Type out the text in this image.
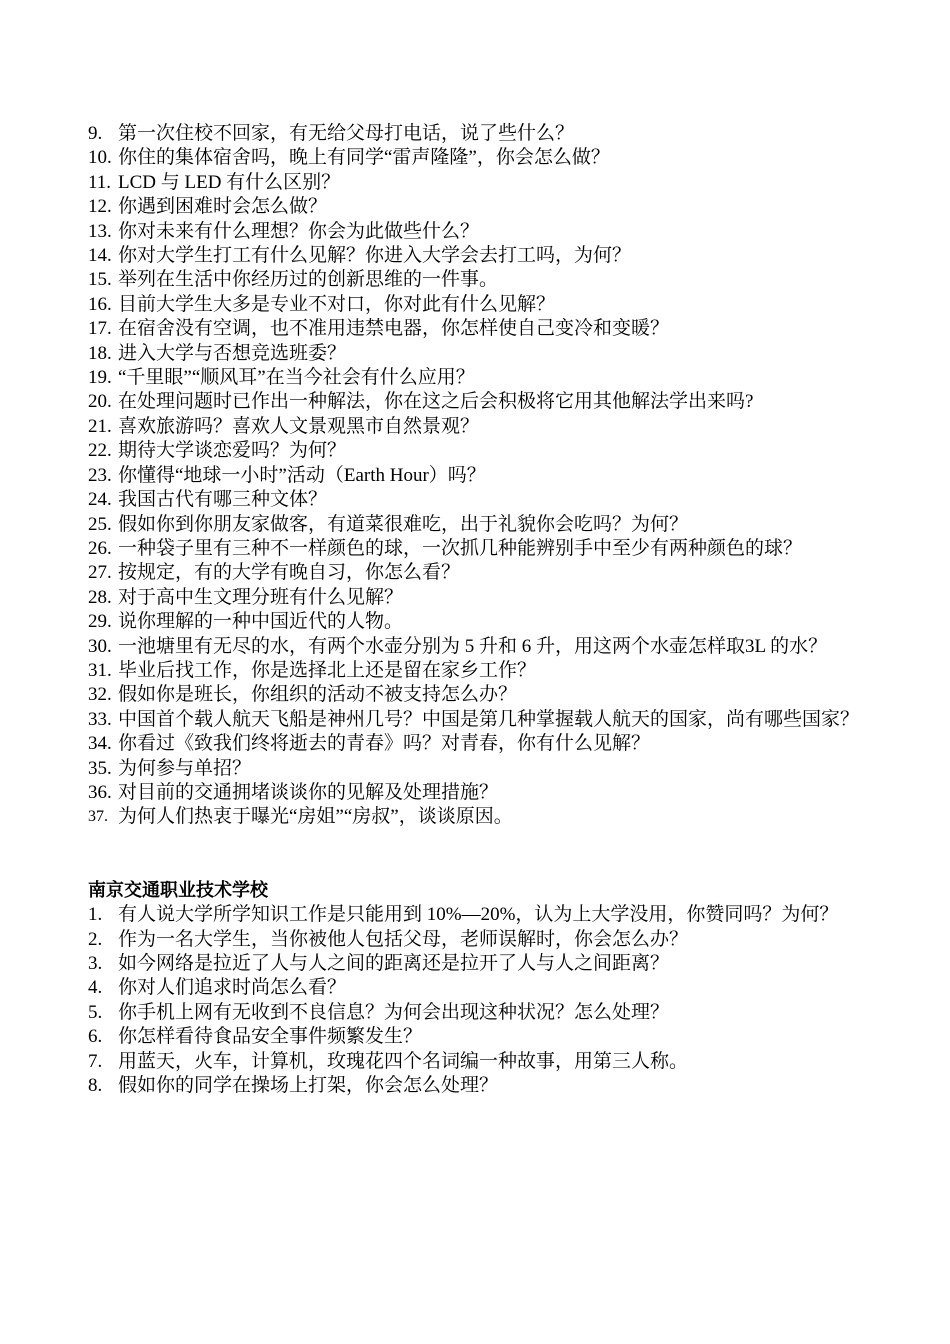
9. 第一次住校不回家，有无给父母打电话，说了些什么？
10. 你住的集体宿舍吗，晚上有同学“雷声隆隆”，你会怎么做？
11. LCD 与 LED 有什么区别？
12. 你遇到困难时会怎么做？
13. 你对未来有什么理想？你会为此做些什么？
14. 你对大学生打工有什么见解？你进入大学会去打工吗，为何？
15. 举列在生活中你经历过的创新思维的一件事。
16. 目前大学生大多是专业不对口，你对此有什么见解？
17. 在宿舍没有空调，也不准用违禁电器，你怎样使自己变冷和变暖？
18. 进入大学与否想竞选班委？
19. “千里眼”“顺风耳”在当今社会有什么应用？
20. 在处理问题时已作出一种解法，你在这之后会积极将它用其他解法学出来吗?
21. 喜欢旅游吗？喜欢人文景观黑市自然景观？
22. 期待大学谈恋爱吗？为何？
23. 你懂得“地球一小时”活动（Earth Hour）吗？
24. 我国古代有哪三种文体？
25. 假如你到你朋友家做客，有道菜很难吃，出于礼貌你会吃吗？为何？
26. 一种袋子里有三种不一样颜色的球，一次抓几种能辨别手中至少有两种颜色的球？
27. 按规定，有的大学有晚自习，你怎么看？
28. 对于高中生文理分班有什么见解？
29. 说你理解的一种中国近代的人物。
30. 一池塘里有无尽的水，有两个水壶分别为 5 升和 6 升，用这两个水壶怎样取3L 的水？
31. 毕业后找工作，你是选择北上还是留在家乡工作？
32. 假如你是班长，你组织的活动不被支持怎么办？
33. 中国首个载人航天飞船是神州几号？中国是第几种掌握载人航天的国家，尚有哪些国家？
34. 你看过《致我们终将逝去的青春》吗？对青春，你有什么见解？
35. 为何参与单招？
36. 对目前的交通拥堵谈谈你的见解及处理措施？
37. 为何人们热衷于曝光“房姐”“房叔”，谈谈原因。
南京交通职业技术学校
1. 有人说大学所学知识工作是只能用到 10%—20%，认为上大学没用，你赞同吗？为何？
2. 作为一名大学生，当你被他人包括父母，老师误解时，你会怎么办？
3. 如今网络是拉近了人与人之间的距离还是拉开了人与人之间距离？
4. 你对人们追求时尚怎么看？
5. 你手机上网有无收到不良信息？为何会出现这种状况？怎么处理？
6. 你怎样看待食品安全事件频繁发生？
7. 用蓝天，火车，计算机，玫瑰花四个名词编一种故事，用第三人称。
8. 假如你的同学在操场上打架，你会怎么处理？
